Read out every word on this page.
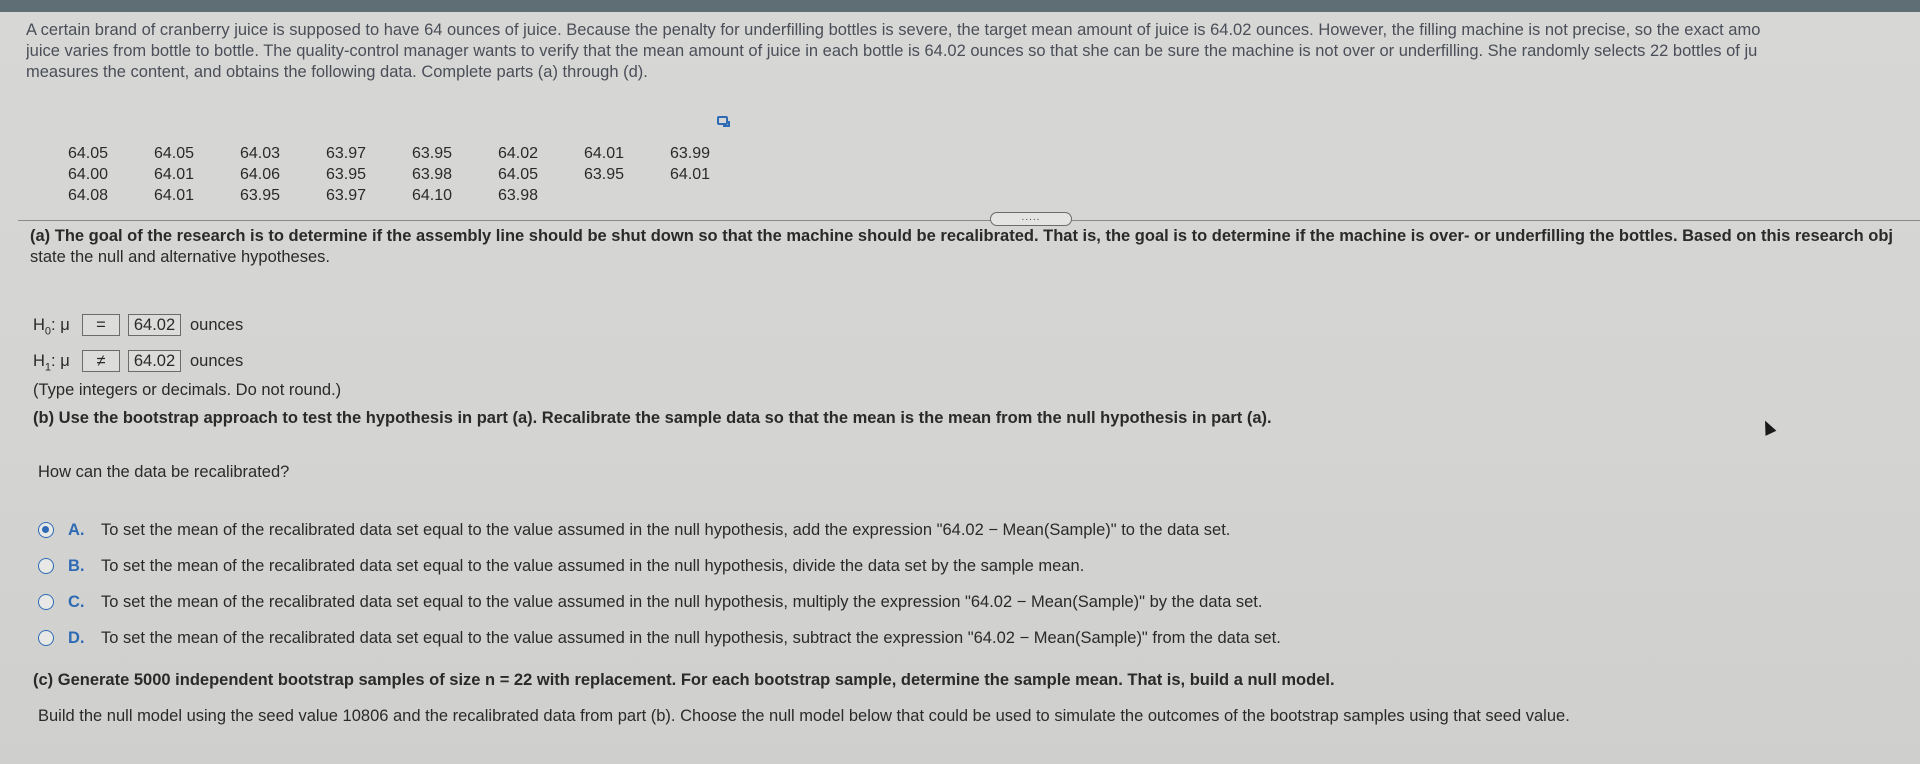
A certain brand of cranberry juice is supposed to have 64 ounces of juice. Because the penalty for underfilling bottles is severe, the target mean amount of juice is 64.02 ounces. However, the filling machine is not precise, so the exact amo
juice varies from bottle to bottle. The quality-control manager wants to verify that the mean amount of juice in each bottle is 64.02 ounces so that she can be sure the machine is not over or underfilling. She randomly selects 22 bottles of ju
measures the content, and obtains the following data. Complete parts (a) through (d).
64.05	64.05	64.03	63.97	63.95	64.02	64.01	63.99
64.00	64.01	64.06	63.95	63.98	64.05	63.95	64.01
64.08	64.01	63.95	63.97	64.10	63.98
.....
(a) The goal of the research is to determine if the assembly line should be shut down so that the machine should be recalibrated. That is, the goal is to determine if the machine is over- or underfilling the bottles. Based on this research obj
state the null and alternative hypotheses.
$H_0$: μ	=	64.02 ounces
$H_1$: μ	≠	64.02 ounces
(Type integers or decimals. Do not round.)
(b) Use the bootstrap approach to test the hypothesis in part (a). Recalibrate the sample data so that the mean is the mean from the null hypothesis in part (a).
How can the data be recalibrated?
A. To set the mean of the recalibrated data set equal to the value assumed in the null hypothesis, add the expression "64.02 − Mean(Sample)" to the data set.
B. To set the mean of the recalibrated data set equal to the value assumed in the null hypothesis, divide the data set by the sample mean.
C. To set the mean of the recalibrated data set equal to the value assumed in the null hypothesis, multiply the expression "64.02 − Mean(Sample)" by the data set.
D. To set the mean of the recalibrated data set equal to the value assumed in the null hypothesis, subtract the expression "64.02 − Mean(Sample)" from the data set.
(c) Generate 5000 independent bootstrap samples of size n = 22 with replacement. For each bootstrap sample, determine the sample mean. That is, build a null model.
Build the null model using the seed value 10806 and the recalibrated data from part (b). Choose the null model below that could be used to simulate the outcomes of the bootstrap samples using that seed value.
